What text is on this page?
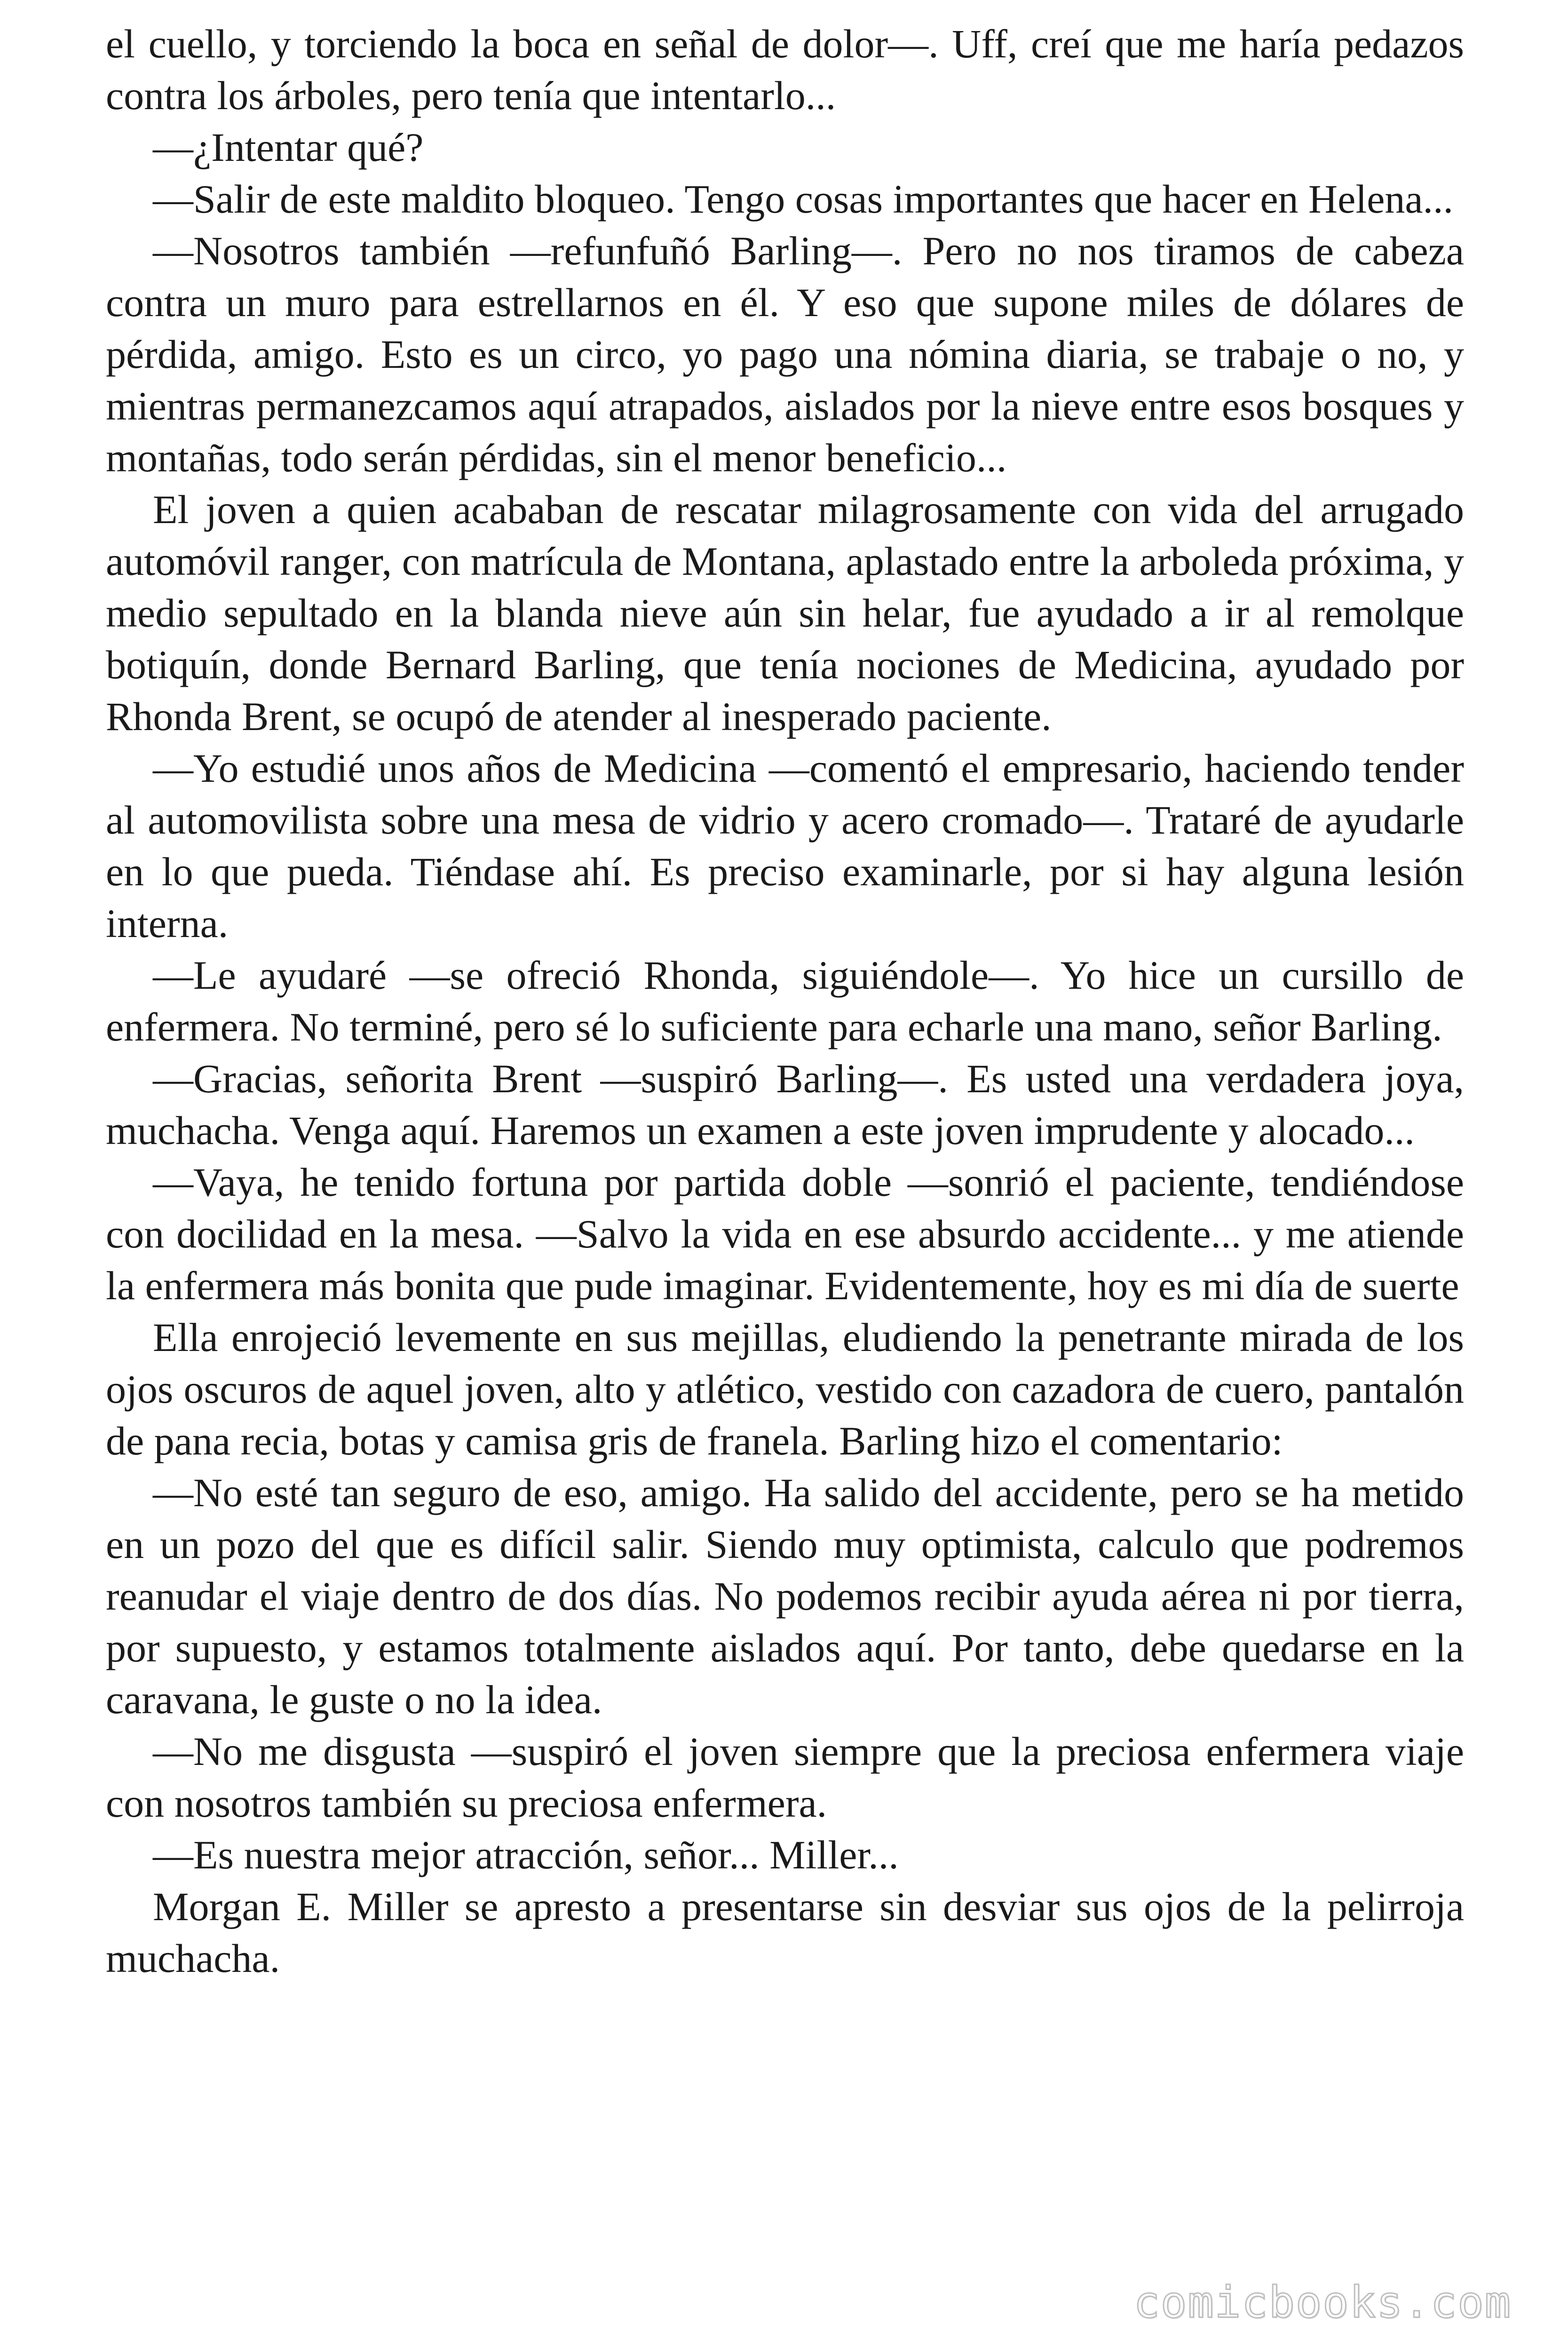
el cuello, y torciendo la boca en señal de dolor—. Uff, creí que me haría pedazos contra los árboles, pero tenía que intentarlo...

—¿Intentar qué?

—Salir de este maldito bloqueo. Tengo cosas importantes que hacer en Helena...

—Nosotros también —refunfuñó Barling—. Pero no nos tiramos de cabeza contra un muro para estrellarnos en él. Y eso que supone miles de dólares de pérdida, amigo. Esto es un circo, yo pago una nómina diaria, se trabaje o no, y mientras permanezcamos aquí atrapados, aislados por la nieve entre esos bosques y montañas, todo serán pérdidas, sin el menor beneficio...

El joven a quien acababan de rescatar milagrosamente con vida del arrugado automóvil ranger, con matrícula de Montana, aplastado entre la arboleda próxima, y medio sepultado en la blanda nieve aún sin helar, fue ayudado a ir al remolque botiquín, donde Bernard Barling, que tenía nociones de Medicina, ayudado por Rhonda Brent, se ocupó de atender al inesperado paciente.

—Yo estudié unos años de Medicina —comentó el empresario, haciendo tender al automovilista sobre una mesa de vidrio y acero cromado—. Trataré de ayudarle en lo que pueda. Tiéndase ahí. Es preciso examinarle, por si hay alguna lesión interna.

—Le ayudaré —se ofreció Rhonda, siguiéndole—. Yo hice un cursillo de enfermera. No terminé, pero sé lo suficiente para echarle una mano, señor Barling.

—Gracias, señorita Brent —suspiró Barling—. Es usted una verdadera joya, muchacha. Venga aquí. Haremos un examen a este joven imprudente y alocado...

—Vaya, he tenido fortuna por partida doble —sonrió el paciente, tendiéndose con docilidad en la mesa. —Salvo la vida en ese absurdo accidente... y me atiende la enfermera más bonita que pude imaginar. Evidentemente, hoy es mi día de suerte

Ella enrojeció levemente en sus mejillas, eludiendo la penetrante mirada de los ojos oscuros de aquel joven, alto y atlético, vestido con cazadora de cuero, pantalón de pana recia, botas y camisa gris de franela. Barling hizo el comentario:

—No esté tan seguro de eso, amigo. Ha salido del accidente, pero se ha metido en un pozo del que es difícil salir. Siendo muy optimista, calculo que podremos reanudar el viaje dentro de dos días. No podemos recibir ayuda aérea ni por tierra, por supuesto, y estamos totalmente aislados aquí. Por tanto, debe quedarse en la caravana, le guste o no la idea.

—No me disgusta —suspiró el joven siempre que la preciosa enfermera viaje con nosotros también su preciosa enfermera.

—Es nuestra mejor atracción, señor... Miller...

Morgan E. Miller se apresto a presentarse sin desviar sus ojos de la pelirroja muchacha.

comicbooks.com
